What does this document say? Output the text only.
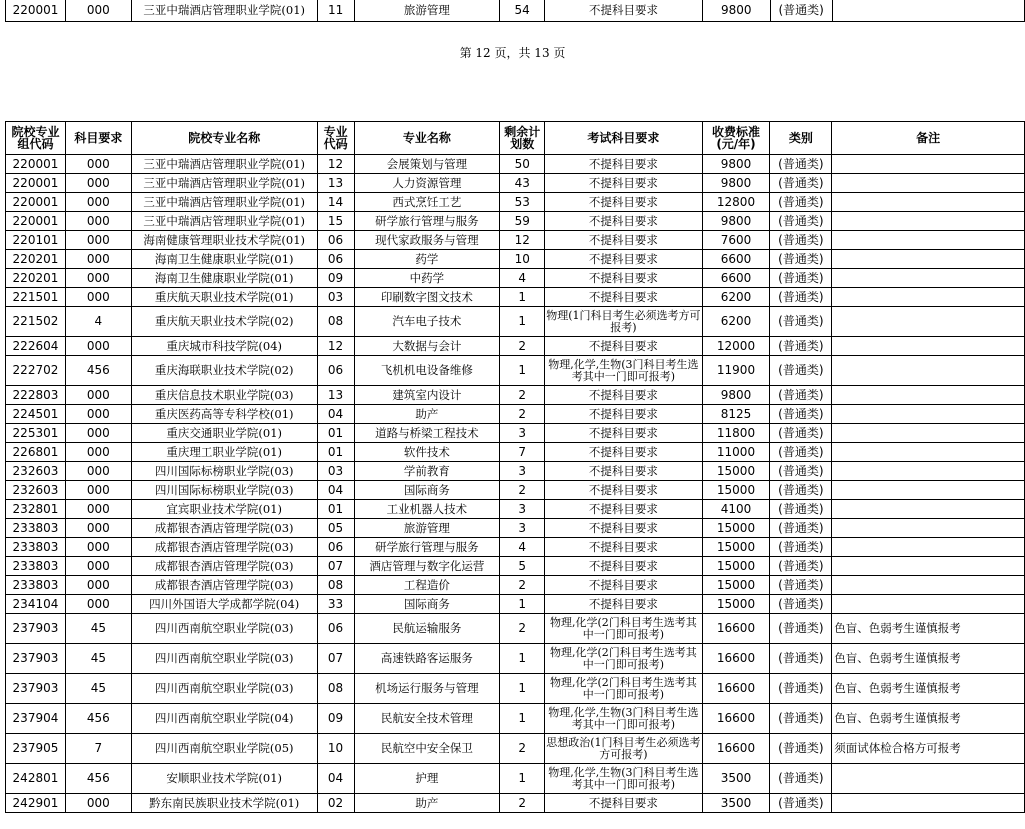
220001	000	三亚中瑞酒店管理职业学院(01)	11	旅游管理	54	不提科目要求	9800	(普通类)	
第 12 页，共 13 页
院校专业组代码	科目要求	院校专业名称	专业代码	专业名称	剩余计划数	考试科目要求	收费标准(元/年)	类别	备注
220001	000	三亚中瑞酒店管理职业学院(01)	12	会展策划与管理	50	不提科目要求	9800	(普通类)	
220001	000	三亚中瑞酒店管理职业学院(01)	13	人力资源管理	43	不提科目要求	9800	(普通类)	
220001	000	三亚中瑞酒店管理职业学院(01)	14	西式烹饪工艺	53	不提科目要求	12800	(普通类)	
220001	000	三亚中瑞酒店管理职业学院(01)	15	研学旅行管理与服务	59	不提科目要求	9800	(普通类)	
220101	000	海南健康管理职业技术学院(01)	06	现代家政服务与管理	12	不提科目要求	7600	(普通类)	
220201	000	海南卫生健康职业学院(01)	06	药学	10	不提科目要求	6600	(普通类)	
220201	000	海南卫生健康职业学院(01)	09	中药学	4	不提科目要求	6600	(普通类)	
221501	000	重庆航天职业技术学院(01)	03	印刷数字图文技术	1	不提科目要求	6200	(普通类)	
221502	4	重庆航天职业技术学院(02)	08	汽车电子技术	1	物理(1门科目考生必须选考方可报考)	6200	(普通类)	
222604	000	重庆城市科技学院(04)	12	大数据与会计	2	不提科目要求	12000	(普通类)	
222702	456	重庆海联职业技术学院(02)	06	飞机机电设备维修	1	物理,化学,生物(3门科目考生选考其中一门即可报考)	11900	(普通类)	
222803	000	重庆信息技术职业学院(03)	13	建筑室内设计	2	不提科目要求	9800	(普通类)	
224501	000	重庆医药高等专科学校(01)	04	助产	2	不提科目要求	8125	(普通类)	
225301	000	重庆交通职业学院(01)	01	道路与桥梁工程技术	3	不提科目要求	11800	(普通类)	
226801	000	重庆理工职业学院(01)	01	软件技术	7	不提科目要求	11000	(普通类)	
232603	000	四川国际标榜职业学院(03)	03	学前教育	3	不提科目要求	15000	(普通类)	
232603	000	四川国际标榜职业学院(03)	04	国际商务	2	不提科目要求	15000	(普通类)	
232801	000	宜宾职业技术学院(01)	01	工业机器人技术	3	不提科目要求	4100	(普通类)	
233803	000	成都银杏酒店管理学院(03)	05	旅游管理	3	不提科目要求	15000	(普通类)	
233803	000	成都银杏酒店管理学院(03)	06	研学旅行管理与服务	4	不提科目要求	15000	(普通类)	
233803	000	成都银杏酒店管理学院(03)	07	酒店管理与数字化运营	5	不提科目要求	15000	(普通类)	
233803	000	成都银杏酒店管理学院(03)	08	工程造价	2	不提科目要求	15000	(普通类)	
234104	000	四川外国语大学成都学院(04)	33	国际商务	1	不提科目要求	15000	(普通类)	
237903	45	四川西南航空职业学院(03)	06	民航运输服务	2	物理,化学(2门科目考生选考其中一门即可报考)	16600	(普通类)	色盲、色弱考生谨慎报考
237903	45	四川西南航空职业学院(03)	07	高速铁路客运服务	1	物理,化学(2门科目考生选考其中一门即可报考)	16600	(普通类)	色盲、色弱考生谨慎报考
237903	45	四川西南航空职业学院(03)	08	机场运行服务与管理	1	物理,化学(2门科目考生选考其中一门即可报考)	16600	(普通类)	色盲、色弱考生谨慎报考
237904	456	四川西南航空职业学院(04)	09	民航安全技术管理	1	物理,化学,生物(3门科目考生选考其中一门即可报考)	16600	(普通类)	色盲、色弱考生谨慎报考
237905	7	四川西南航空职业学院(05)	10	民航空中安全保卫	2	思想政治(1门科目考生必须选考方可报考)	16600	(普通类)	须面试体检合格方可报考
242801	456	安顺职业技术学院(01)	04	护理	1	物理,化学,生物(3门科目考生选考其中一门即可报考)	3500	(普通类)	
242901	000	黔东南民族职业技术学院(01)	02	助产	2	不提科目要求	3500	(普通类)	
